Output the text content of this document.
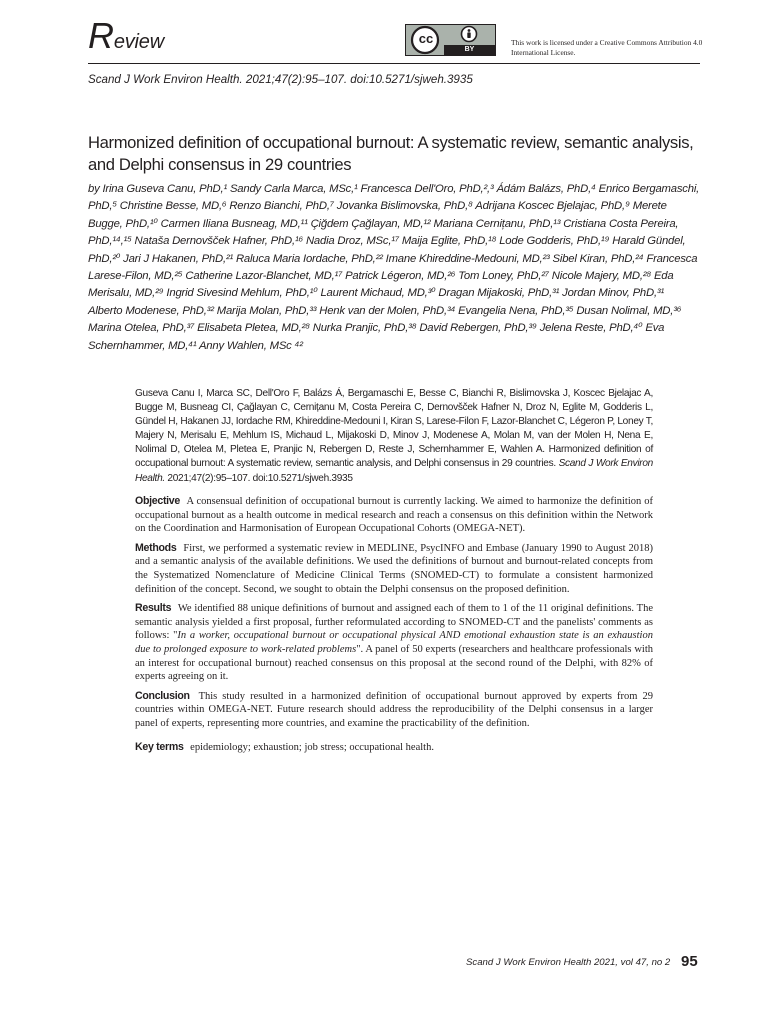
Review	cc
BY
This work is licensed under a Creative Commons Attribution 4.0 International License.
Scand J Work Environ Health. 2021;47(2):95–107. doi:10.5271/sjweh.3935
Harmonized definition of occupational burnout: A systematic review, semantic analysis, and Delphi consensus in 29 countries
by Irina Guseva Canu, PhD,¹ Sandy Carla Marca, MSc,¹ Francesca Dell'Oro, PhD,²,³ Ádám Balázs, PhD,⁴ Enrico Bergamaschi, PhD,⁵ Christine Besse, MD,⁶ Renzo Bianchi, PhD,⁷ Jovanka Bislimovska, PhD,⁸ Adrijana Koscec Bjelajac, PhD,⁹ Merete Bugge, PhD,¹⁰ Carmen Iliana Busneag, MD,¹¹ Çiğdem Çağlayan, MD,¹² Mariana Cernițanu, PhD,¹³ Cristiana Costa Pereira, PhD,¹⁴,¹⁵ Nataša Dernovšček Hafner, PhD,¹⁶ Nadia Droz, MSc,¹⁷ Maija Eglite, PhD,¹⁸ Lode Godderis, PhD,¹⁹ Harald Gündel, PhD,²⁰ Jari J Hakanen, PhD,²¹ Raluca Maria Iordache, PhD,²² Imane Khireddine-Medouni, MD,²³ Sibel Kiran, PhD,²⁴ Francesca Larese-Filon, MD,²⁵ Catherine Lazor-Blanchet, MD,¹⁷ Patrick Légeron, MD,²⁶ Tom Loney, PhD,²⁷ Nicole Majery, MD,²⁸ Eda Merisalu, MD,²⁹ Ingrid Sivesind Mehlum, PhD,¹⁰ Laurent Michaud, MD,³⁰ Dragan Mijakoski, PhD,³¹ Jordan Minov, PhD,³¹ Alberto Modenese, PhD,³² Marija Molan, PhD,³³ Henk van der Molen, PhD,³⁴ Evangelia Nena, PhD,³⁵ Dusan Nolimal, MD,³⁶ Marina Otelea, PhD,³⁷ Elisabeta Pletea, MD,²⁸ Nurka Pranjic, PhD,³⁸ David Rebergen, PhD,³⁹ Jelena Reste, PhD,⁴⁰ Eva Schernhammer, MD,⁴¹ Anny Wahlen, MSc ⁴²
Guseva Canu I, Marca SC, Dell'Oro F, Balázs Á, Bergamaschi E, Besse C, Bianchi R, Bislimovska J, Koscec Bjelajac A, Bugge M, Busneag CI, Çağlayan C, Cernițanu M, Costa Pereira C, Dernovšček Hafner N, Droz N, Eglite M, Godderis L, Gündel H, Hakanen JJ, Iordache RM, Khireddine-Medouni I, Kiran S, Larese-Filon F, Lazor-Blanchet C, Légeron P, Loney T, Majery N, Merisalu E, Mehlum IS, Michaud L, Mijakoski D, Minov J, Modenese A, Molan M, van der Molen H, Nena E, Nolimal D, Otelea M, Pletea E, Pranjic N, Rebergen D, Reste J, Schernhammer E, Wahlen A. Harmonized definition of occupational burnout: A systematic review, semantic analysis, and Delphi consensus in 29 countries. Scand J Work Environ Health. 2021;47(2):95–107. doi:10.5271/sjweh.3935

Objective A consensual definition of occupational burnout is currently lacking. We aimed to harmonize the definition of occupational burnout as a health outcome in medical research and reach a consensus on this definition within the Network on the Coordination and Harmonisation of European Occupational Cohorts (OMEGA-NET).

Methods First, we performed a systematic review in MEDLINE, PsycINFO and Embase (January 1990 to August 2018) and a semantic analysis of the available definitions. We used the definitions of burnout and burnout-related concepts from the Systematized Nomenclature of Medicine Clinical Terms (SNOMED-CT) to formulate a consistent harmonized definition of the concept. Second, we sought to obtain the Delphi consensus on the proposed definition.

Results We identified 88 unique definitions of burnout and assigned each of them to 1 of the 11 original definitions. The semantic analysis yielded a first proposal, further reformulated according to SNOMED-CT and the panelists' comments as follows: "In a worker, occupational burnout or occupational physical AND emotional exhaustion state is an exhaustion due to prolonged exposure to work-related problems". A panel of 50 experts (researchers and healthcare professionals with an interest for occupational burnout) reached consensus on this proposal at the second round of the Delphi, with 82% of experts agreeing on it.

Conclusion This study resulted in a harmonized definition of occupational burnout approved by experts from 29 countries within OMEGA-NET. Future research should address the reproducibility of the Delphi consensus in a larger panel of experts, representing more countries, and examine the practicability of the definition.

Key terms epidemiology; exhaustion; job stress; occupational health.

Scand J Work Environ Health 2021, vol 47, no 2 95
